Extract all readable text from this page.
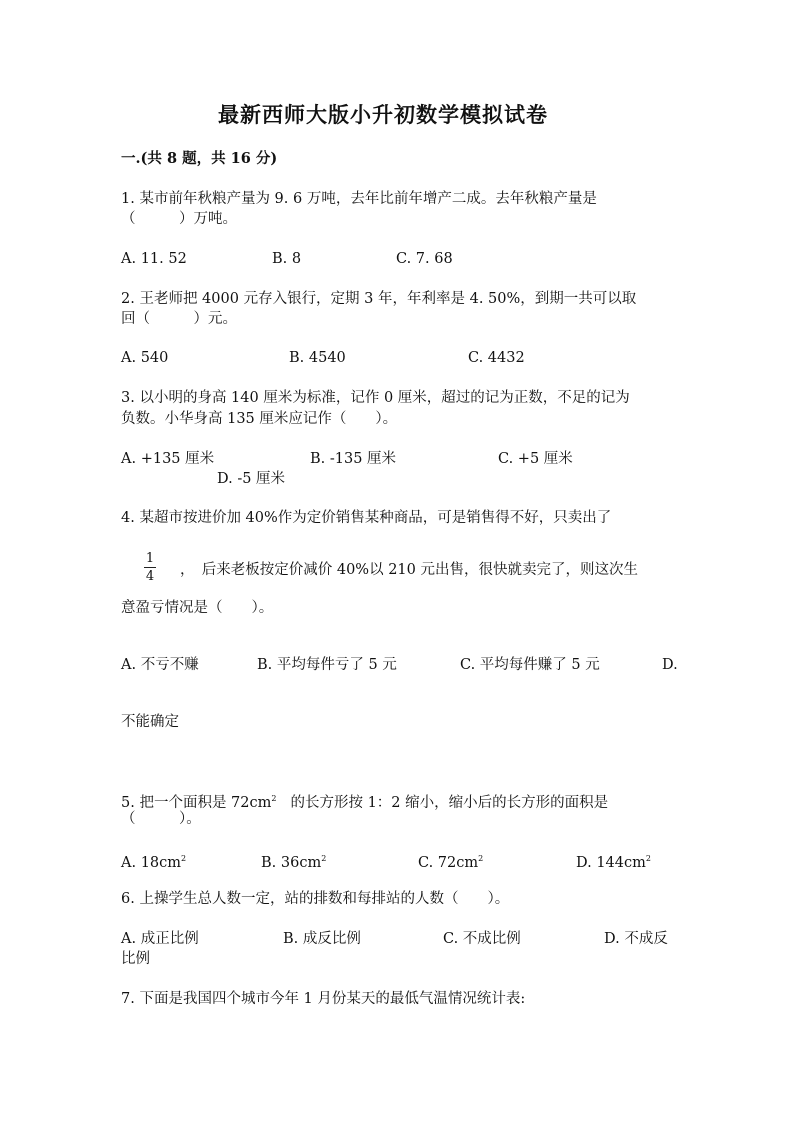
最新西师大版小升初数学模拟试卷
一.(共 8 题，共 16 分)
1. 某市前年秋粮产量为 9. 6 万吨，去年比前年增产二成。去年秋粮产量是
（　　　）万吨。
A. 11. 52	B. 8	C. 7. 68
2. 王老师把 4000 元存入银行，定期 3 年，年利率是 4. 50%，到期一共可以取
回（　　　）元。
A. 540	B. 4540	C. 4432
3. 以小明的身高 140 厘米为标准，记作 0 厘米，超过的记为正数，不足的记为
负数。小华身高 135 厘米应记作（　　）。
A. +135 厘米	B. -135 厘米	C. +5 厘米
D. -5 厘米
4. 某超市按进价加 40%作为定价销售某种商品，可是销售得不好，只卖出了
1
4 ，　后来老板按定价减价 40%以 210 元出售，很快就卖完了，则这次生
意盈亏情况是（　　）。
A. 不亏不赚	B. 平均每件亏了 5 元	C. 平均每件赚了 5 元	D.
不能确定
5. 把一个面积是 $72cm^2$ 的长方形按 1：2 缩小，缩小后的长方形的面积是
（　　　）。
A. $18cm^2$	B. $36cm^2$	C. $72cm^2$	D. $144cm^2$
6. 上操学生总人数一定，站的排数和每排站的人数（　　）。
A. 成正比例	B. 成反比例	C. 不成比例	D. 不成反
比例
7. 下面是我国四个城市今年 1 月份某天的最低气温情况统计表:
